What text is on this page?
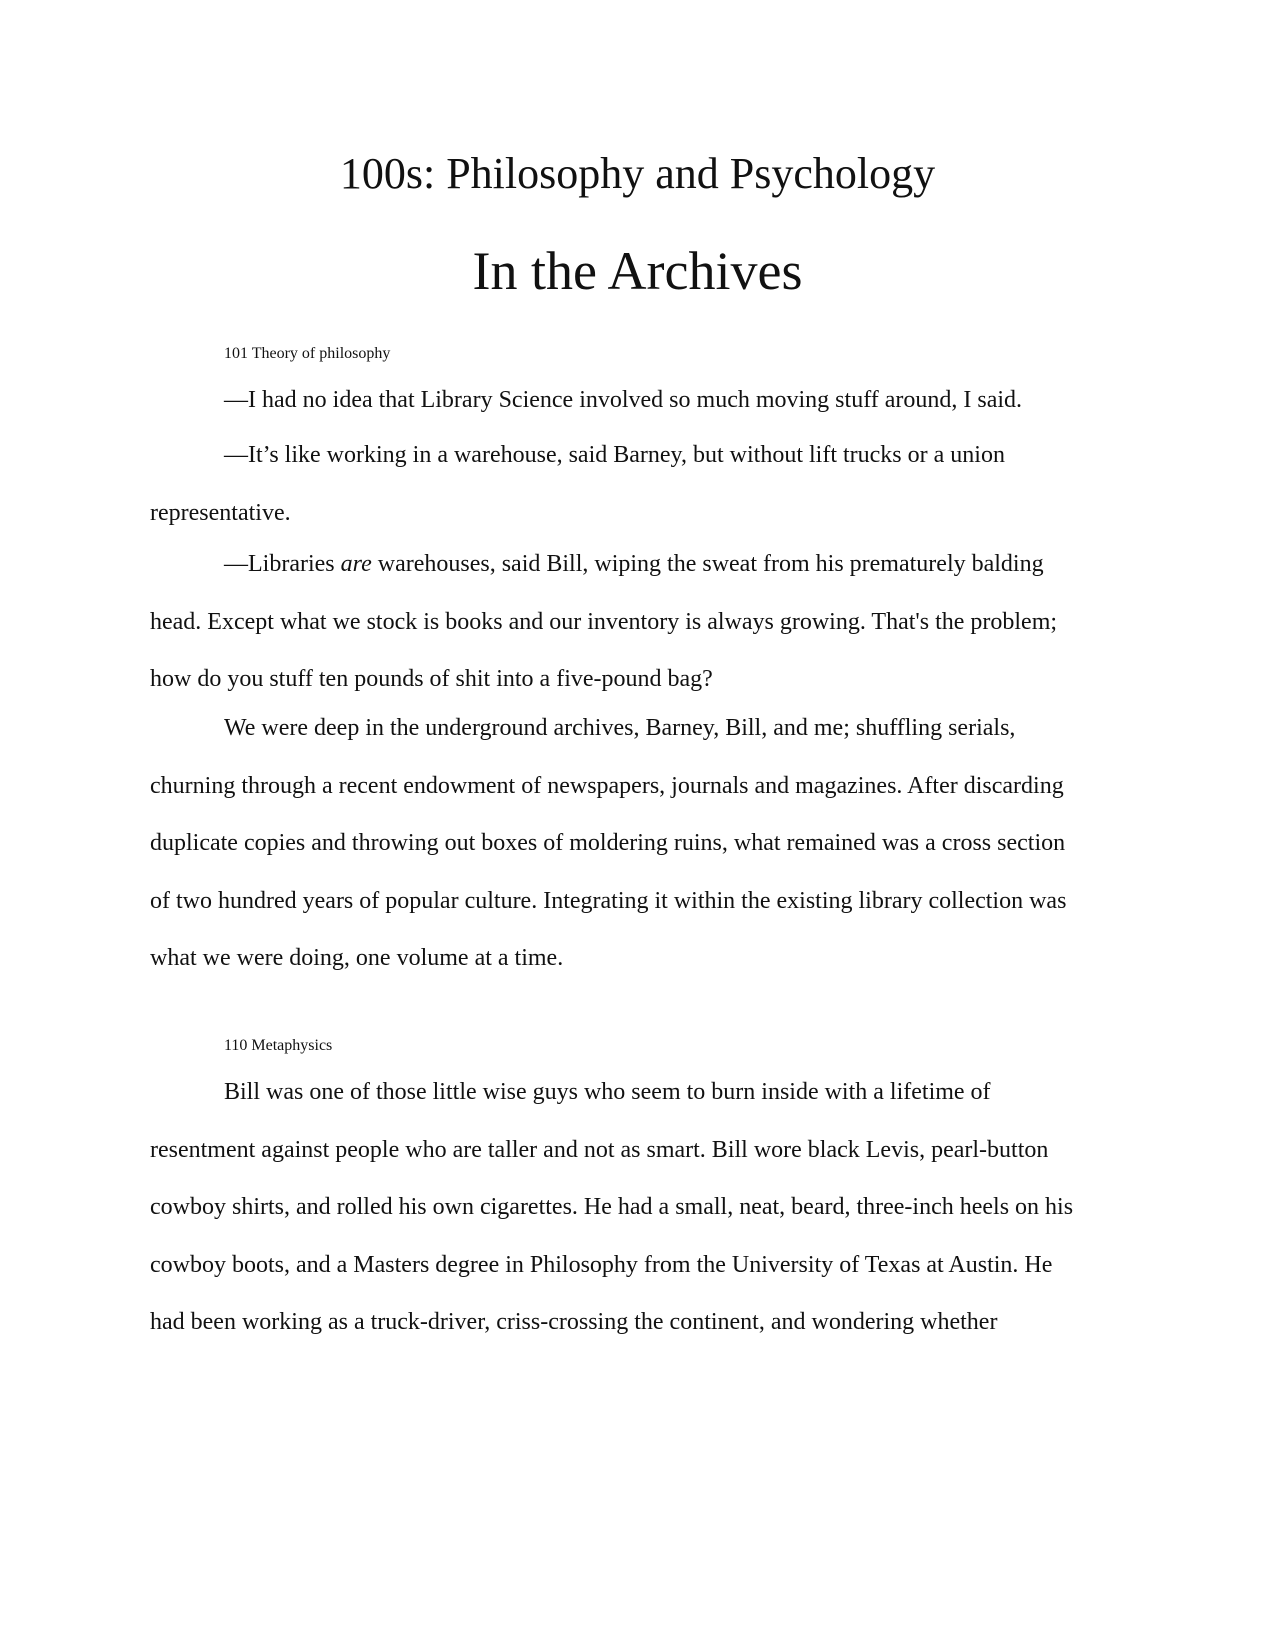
100s: Philosophy and Psychology
In the Archives

101 Theory of philosophy

—I had no idea that Library Science involved so much moving stuff around, I said.
—It’s like working in a warehouse, said Barney, but without lift trucks or a union
representative.
—Libraries are warehouses, said Bill, wiping the sweat from his prematurely balding
head. Except what we stock is books and our inventory is always growing. That's the problem;
how do you stuff ten pounds of shit into a five-pound bag?
We were deep in the underground archives, Barney, Bill, and me; shuffling serials,
churning through a recent endowment of newspapers, journals and magazines. After discarding
duplicate copies and throwing out boxes of moldering ruins, what remained was a cross section
of two hundred years of popular culture. Integrating it within the existing library collection was
what we were doing, one volume at a time.

110 Metaphysics

Bill was one of those little wise guys who seem to burn inside with a lifetime of
resentment against people who are taller and not as smart. Bill wore black Levis, pearl-button
cowboy shirts, and rolled his own cigarettes. He had a small, neat, beard, three-inch heels on his
cowboy boots, and a Masters degree in Philosophy from the University of Texas at Austin. He
had been working as a truck-driver, criss-crossing the continent, and wondering whether
